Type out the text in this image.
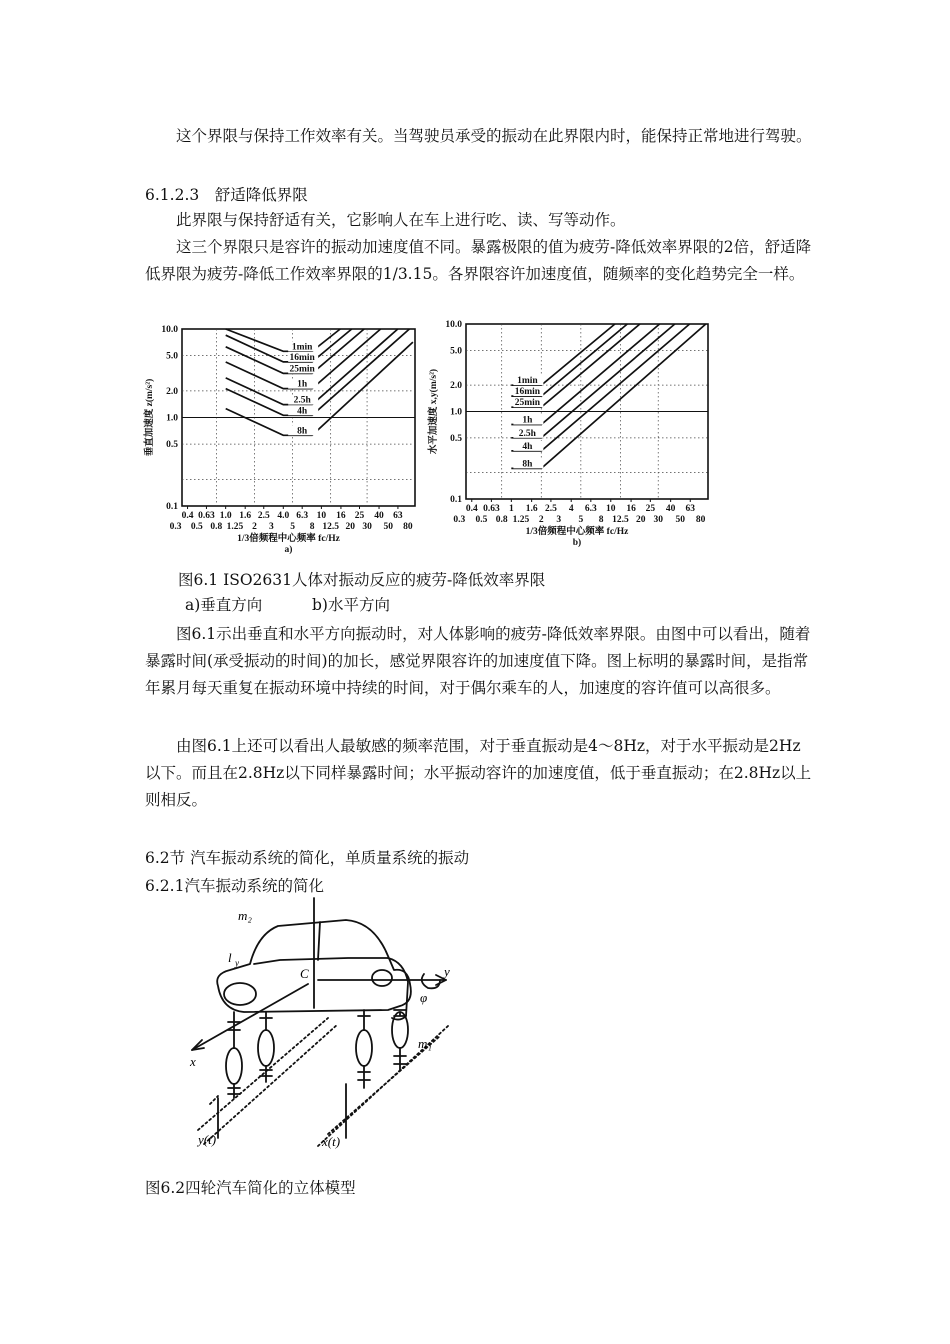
这个界限与保持工作效率有关。当驾驶员承受的振动在此界限内时，能保持正常地进行驾驶。

6.1.2.3　舒适降低界限

此界限与保持舒适有关，它影响人在车上进行吃、读、写等动作。

这三个界限只是容许的振动加速度值不同。暴露极限的值为疲劳-降低效率界限的2倍，舒适降低界限为疲劳-降低工作效率界限的1/3.15。各界限容许加速度值，随频率的变化趋势完全一样。

10.0
5.0
2.0
1.0
0.5
0.1
0.4 0.63 1.0 1.6 2.5 4.0 6.3 10 16 25 40 63
0.3 0.5 0.8 1.25 2 3 5 8 12.5 20 30 50 80
1/3倍频程中心频率 fc/Hz
a)
垂直加速度 z(m/s²)
1min
16min
25min
1h
2.5h
4h
8h
10.0
5.0
2.0
1.0
0.5
0.1
0.4 0.63 1 1.6 2.5 4 6.3 10 16 25 40 63
0.3 0.5 0.8 1.25 2 3 5 8 12.5 20 30 50 80
1/3倍频程中心频率 fc/Hz
b)
水平加速度 x,y(m/s²)	1min
16min
25min
1h
2.5h
4h
8h
图6.1 ISO2631人体对振动反应的疲劳-降低效率界限
a)垂直方向	b)水平方向

图6.1示出垂直和水平方向振动时，对人体影响的疲劳-降低效率界限。由图中可以看出，随着暴露时间(承受振动的时间)的加长，感觉界限容许的加速度值下降。图上标明的暴露时间，是指常年累月每天重复在振动环境中持续的时间，对于偶尔乘车的人，加速度的容许值可以高很多。

由图6.1上还可以看出人最敏感的频率范围，对于垂直振动是4～8Hz，对于水平振动是2Hz以下。而且在2.8Hz以下同样暴露时间；水平振动容许的加速度值，低于垂直振动；在2.8Hz以上则相反。

6.2节 汽车振动系统的简化，单质量系统的振动
6.2.1汽车振动系统的简化
m₂
l y
C	y
φ
x
m₁
y(t)	x(t)
图6.2四轮汽车简化的立体模型
